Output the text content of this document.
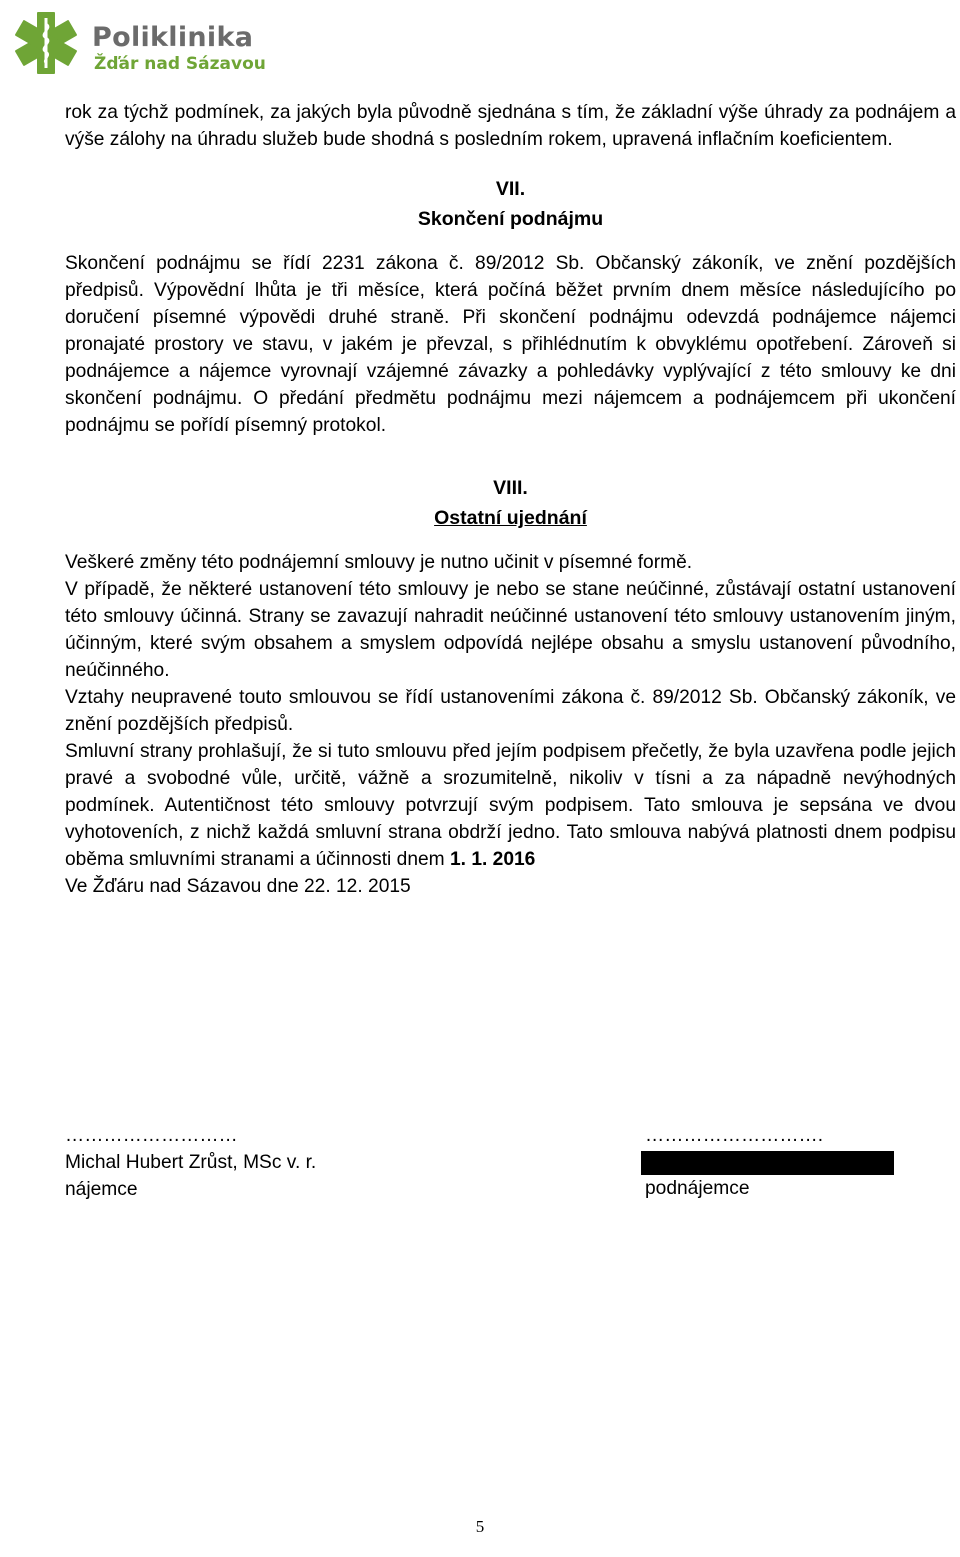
Poliklinika
Žďár nad Sázavou

rok za týchž podmínek, za jakých byla původně sjednána s tím, že základní výše úhrady za podnájem a výše zálohy na úhradu služeb bude shodná s posledním rokem, upravená inflačním koeficientem.

VII.
Skončení podnájmu

Skončení podnájmu se řídí 2231 zákona č. 89/2012 Sb. Občanský zákoník, ve znění pozdějších předpisů. Výpovědní lhůta je tři měsíce, která počíná běžet prvním dnem měsíce následujícího po doručení písemné výpovědi druhé straně. Při skončení podnájmu odevzdá podnájemce nájemci pronajaté prostory ve stavu, v jakém je převzal, s přihlédnutím k obvyklému opotřebení. Zároveň si podnájemce a nájemce vyrovnají vzájemné závazky a pohledávky vyplývající z této smlouvy ke dni skončení podnájmu. O předání předmětu podnájmu mezi nájemcem a podnájemcem při ukončení podnájmu se pořídí písemný protokol.

VIII.
Ostatní ujednání

Veškeré změny této podnájemní smlouvy je nutno učinit v písemné formě.

V případě, že některé ustanovení této smlouvy je nebo se stane neúčinné, zůstávají ostatní ustanovení této smlouvy účinná. Strany se zavazují nahradit neúčinné ustanovení této smlouvy ustanovením jiným, účinným, které svým obsahem a smyslem odpovídá nejlépe obsahu a smyslu ustanovení původního, neúčinného.

Vztahy neupravené touto smlouvou se řídí ustanoveními zákona č. 89/2012 Sb. Občanský zákoník, ve znění pozdějších předpisů.

Smluvní strany prohlašují, že si tuto smlouvu před jejím podpisem přečetly, že byla uzavřena podle jejich pravé a svobodné vůle, určitě, vážně a srozumitelně, nikoliv v tísni a za nápadně nevýhodných podmínek. Autentičnost této smlouvy potvrzují svým podpisem. Tato smlouva je sepsána ve dvou vyhotoveních, z nichž každá smluvní strana obdrží jedno. Tato smlouva nabývá platnosti dnem podpisu oběma smluvními stranami a účinnosti dnem 1. 1. 2016

Ve Žďáru nad Sázavou dne 22. 12. 2015

………………………
Michal Hubert Zrůst, MSc v. r.
nájemce
……………………….
podnájemce
5
